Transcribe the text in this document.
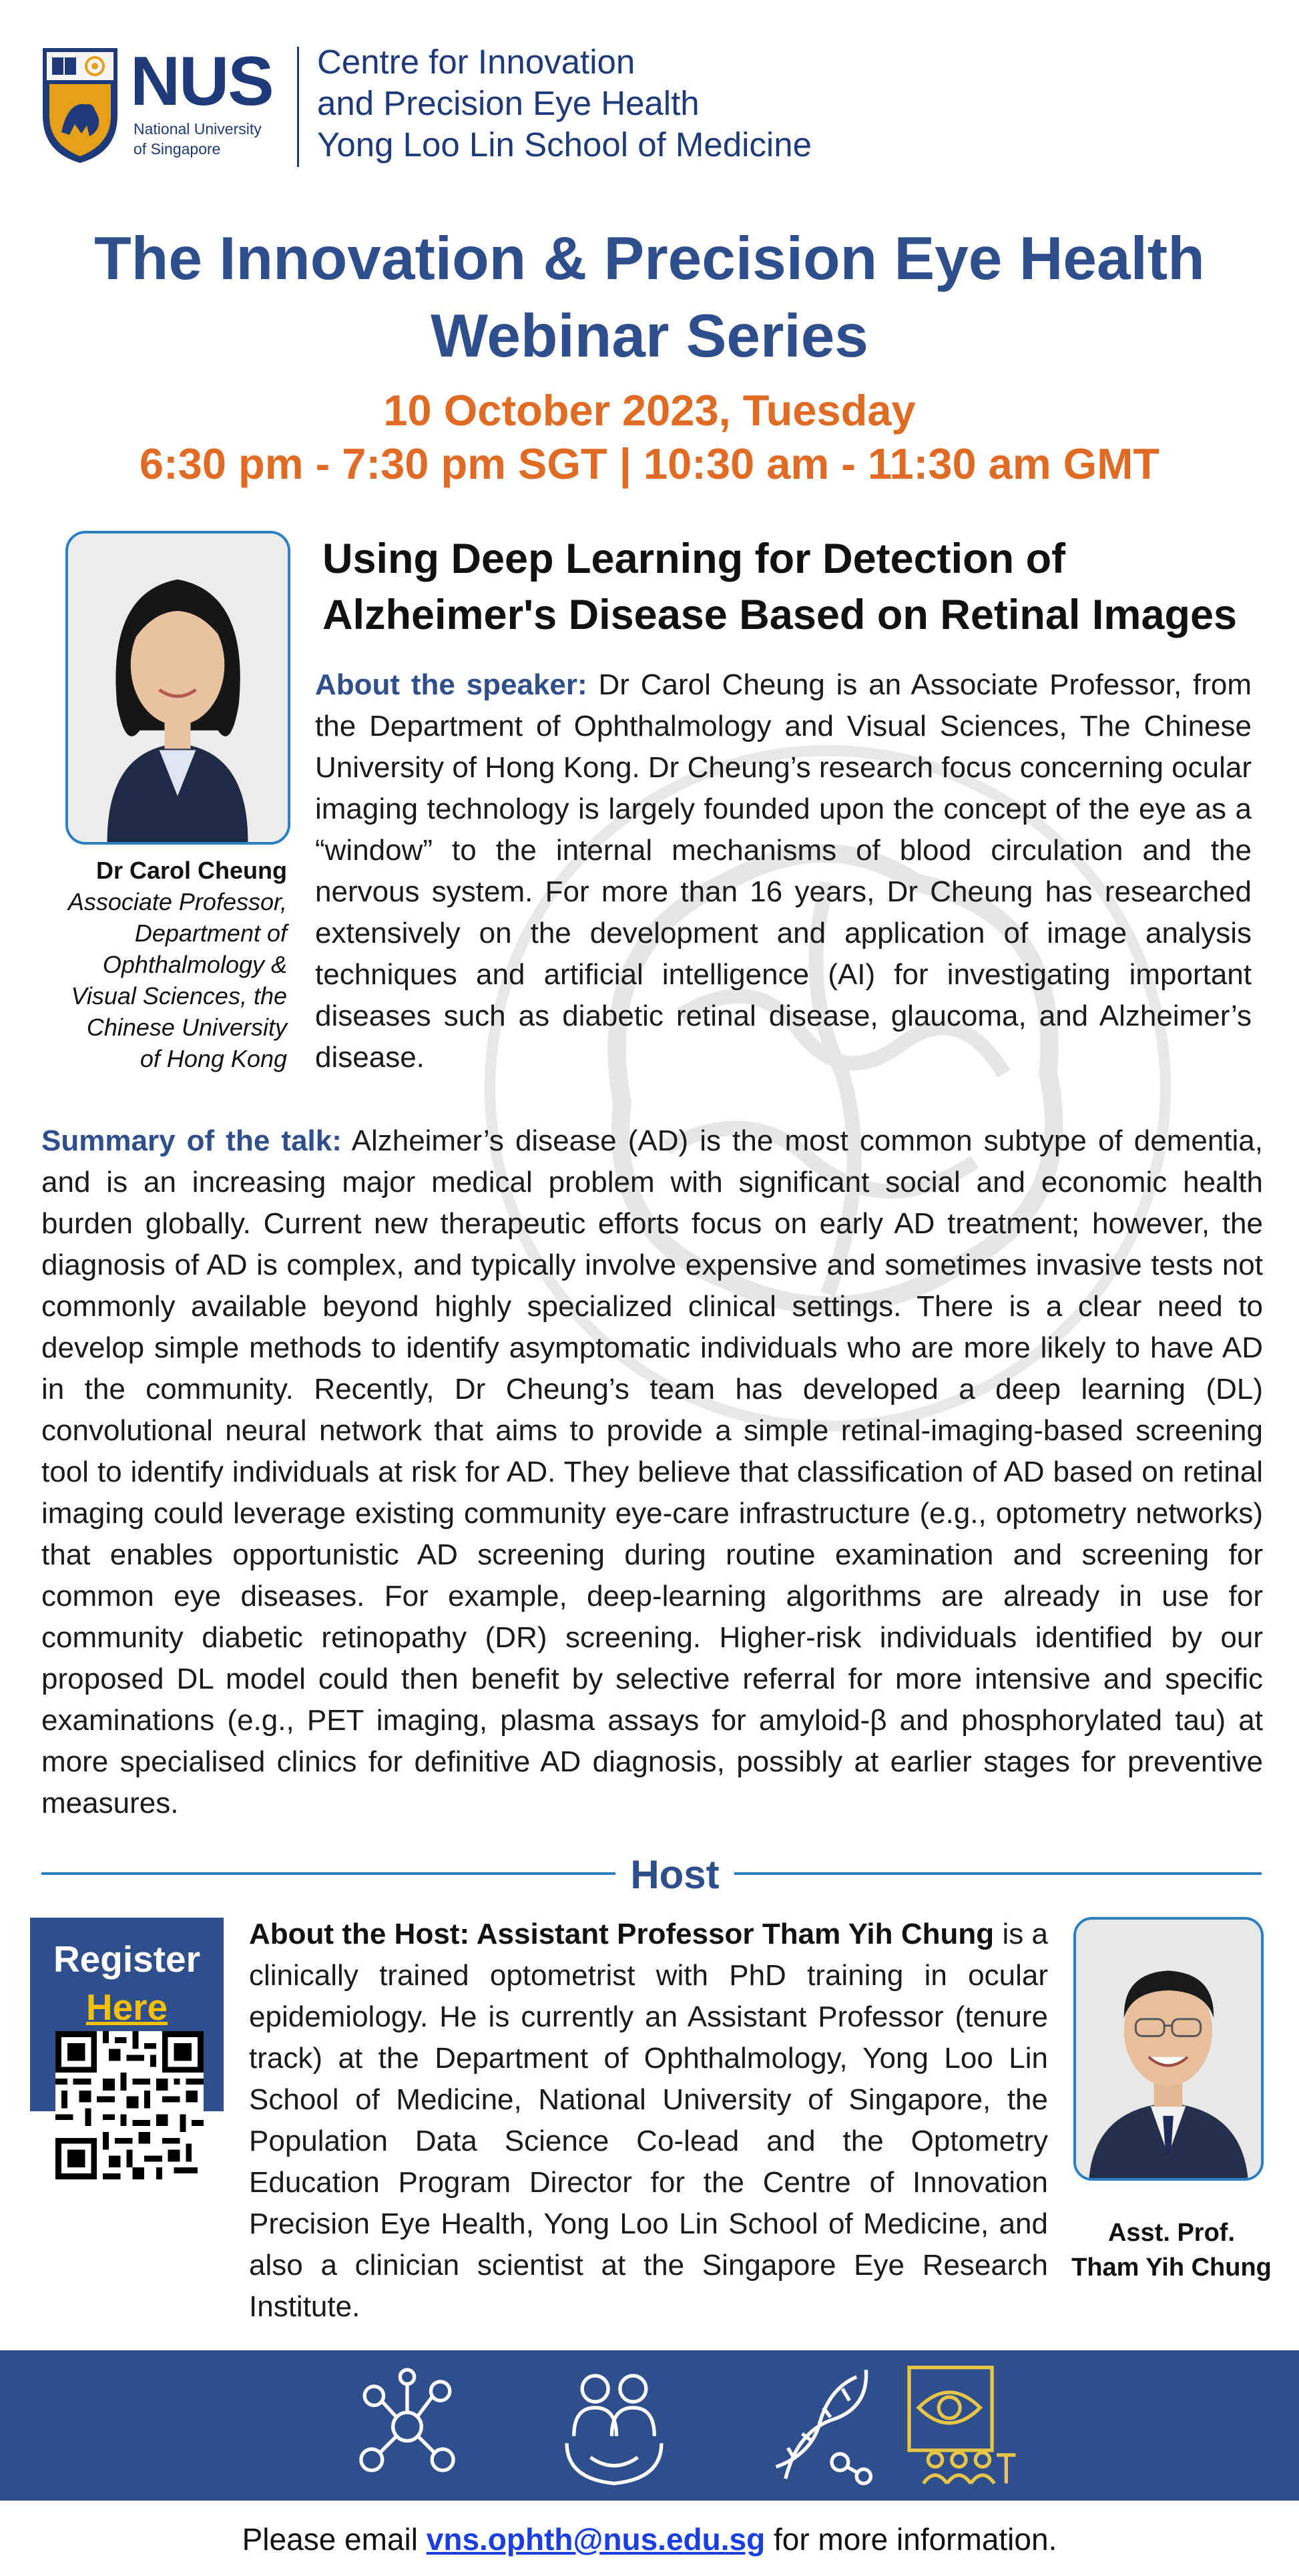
NUS
National University
of Singapore
Centre for Innovation
and Precision Eye Health
Yong Loo Lin School of Medicine
The Innovation & Precision Eye Health
Webinar Series
10 October 2023, Tuesday
6:30 pm - 7:30 pm SGT | 10:30 am - 11:30 am GMT
Dr Carol Cheung
Associate Professor,
Department of
Ophthalmology &
Visual Sciences, the
Chinese University
of Hong Kong
Using Deep Learning for Detection of
Alzheimer's Disease Based on Retinal Images
About the speaker: Dr Carol Cheung is an Associate Professor, from the Department of Ophthalmology and Visual Sciences, The Chinese University of Hong Kong. Dr Cheung’s research focus concerning ocular imaging technology is largely founded upon the concept of the eye as a “window” to the internal mechanisms of blood circulation and the nervous system. For more than 16 years, Dr Cheung has researched extensively on the development and application of image analysis techniques and artificial intelligence (AI) for investigating important diseases such as diabetic retinal disease, glaucoma, and Alzheimer’s disease.
Summary of the talk: Alzheimer’s disease (AD) is the most common subtype of dementia, and is an increasing major medical problem with significant social and economic health burden globally. Current new therapeutic efforts focus on early AD treatment; however, the diagnosis of AD is complex, and typically involve expensive and sometimes invasive tests not commonly available beyond highly specialized clinical settings. There is a clear need to develop simple methods to identify asymptomatic individuals who are more likely to have AD in the community. Recently, Dr Cheung’s team has developed a deep learning (DL) convolutional neural network that aims to provide a simple retinal-imaging-based screening tool to identify individuals at risk for AD. They believe that classification of AD based on retinal imaging could leverage existing community eye-care infrastructure (e.g., optometry networks) that enables opportunistic AD screening during routine examination and screening for common eye diseases. For example, deep-learning algorithms are already in use for community diabetic retinopathy (DR) screening. Higher-risk individuals identified by our proposed DL model could then benefit by selective referral for more intensive and specific examinations (e.g., PET imaging, plasma assays for amyloid-β and phosphorylated tau) at more specialised clinics for definitive AD diagnosis, possibly at earlier stages for preventive measures.
Host
Register
Here
About the Host: Assistant Professor Tham Yih Chung is a clinically trained optometrist with PhD training in ocular epidemiology. He is currently an Assistant Professor (tenure track) at the Department of Ophthalmology, Yong Loo Lin School of Medicine, National University of Singapore, the Population Data Science Co-lead and the Optometry Education Program Director for the Centre of Innovation Precision Eye Health, Yong Loo Lin School of Medicine, and also a clinician scientist at the Singapore Eye Research Institute.
Asst. Prof.
Tham Yih Chung
Please email vns.ophth@nus.edu.sg for more information.
